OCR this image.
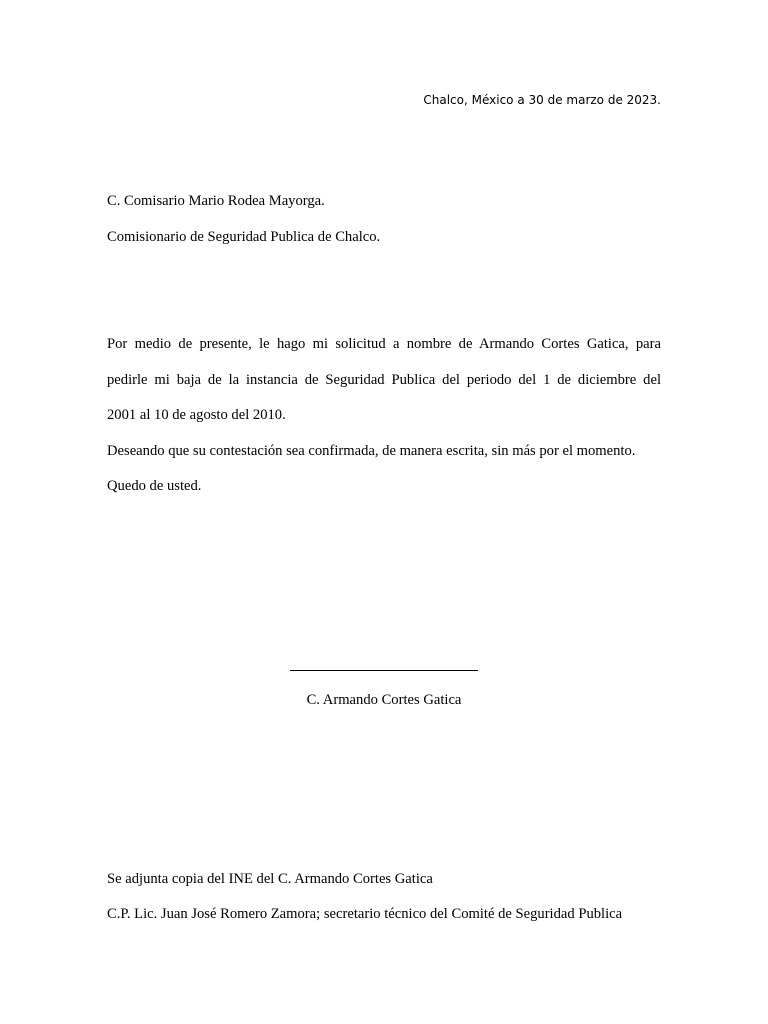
Chalco, México a 30 de marzo de 2023.
C. Comisario Mario Rodea Mayorga.
Comisionario de Seguridad Publica de Chalco.
Por medio de presente, le hago mi solicitud a nombre de Armando Cortes Gatica, para
pedirle mi baja de la instancia de Seguridad Publica del periodo del 1 de diciembre del
2001 al 10 de agosto del 2010.
Deseando que su contestación sea confirmada, de manera escrita, sin más por el momento.
Quedo de usted.
C. Armando Cortes Gatica
Se adjunta copia del INE del C. Armando Cortes Gatica
C.P. Lic. Juan José Romero Zamora; secretario técnico del Comité de Seguridad Publica
